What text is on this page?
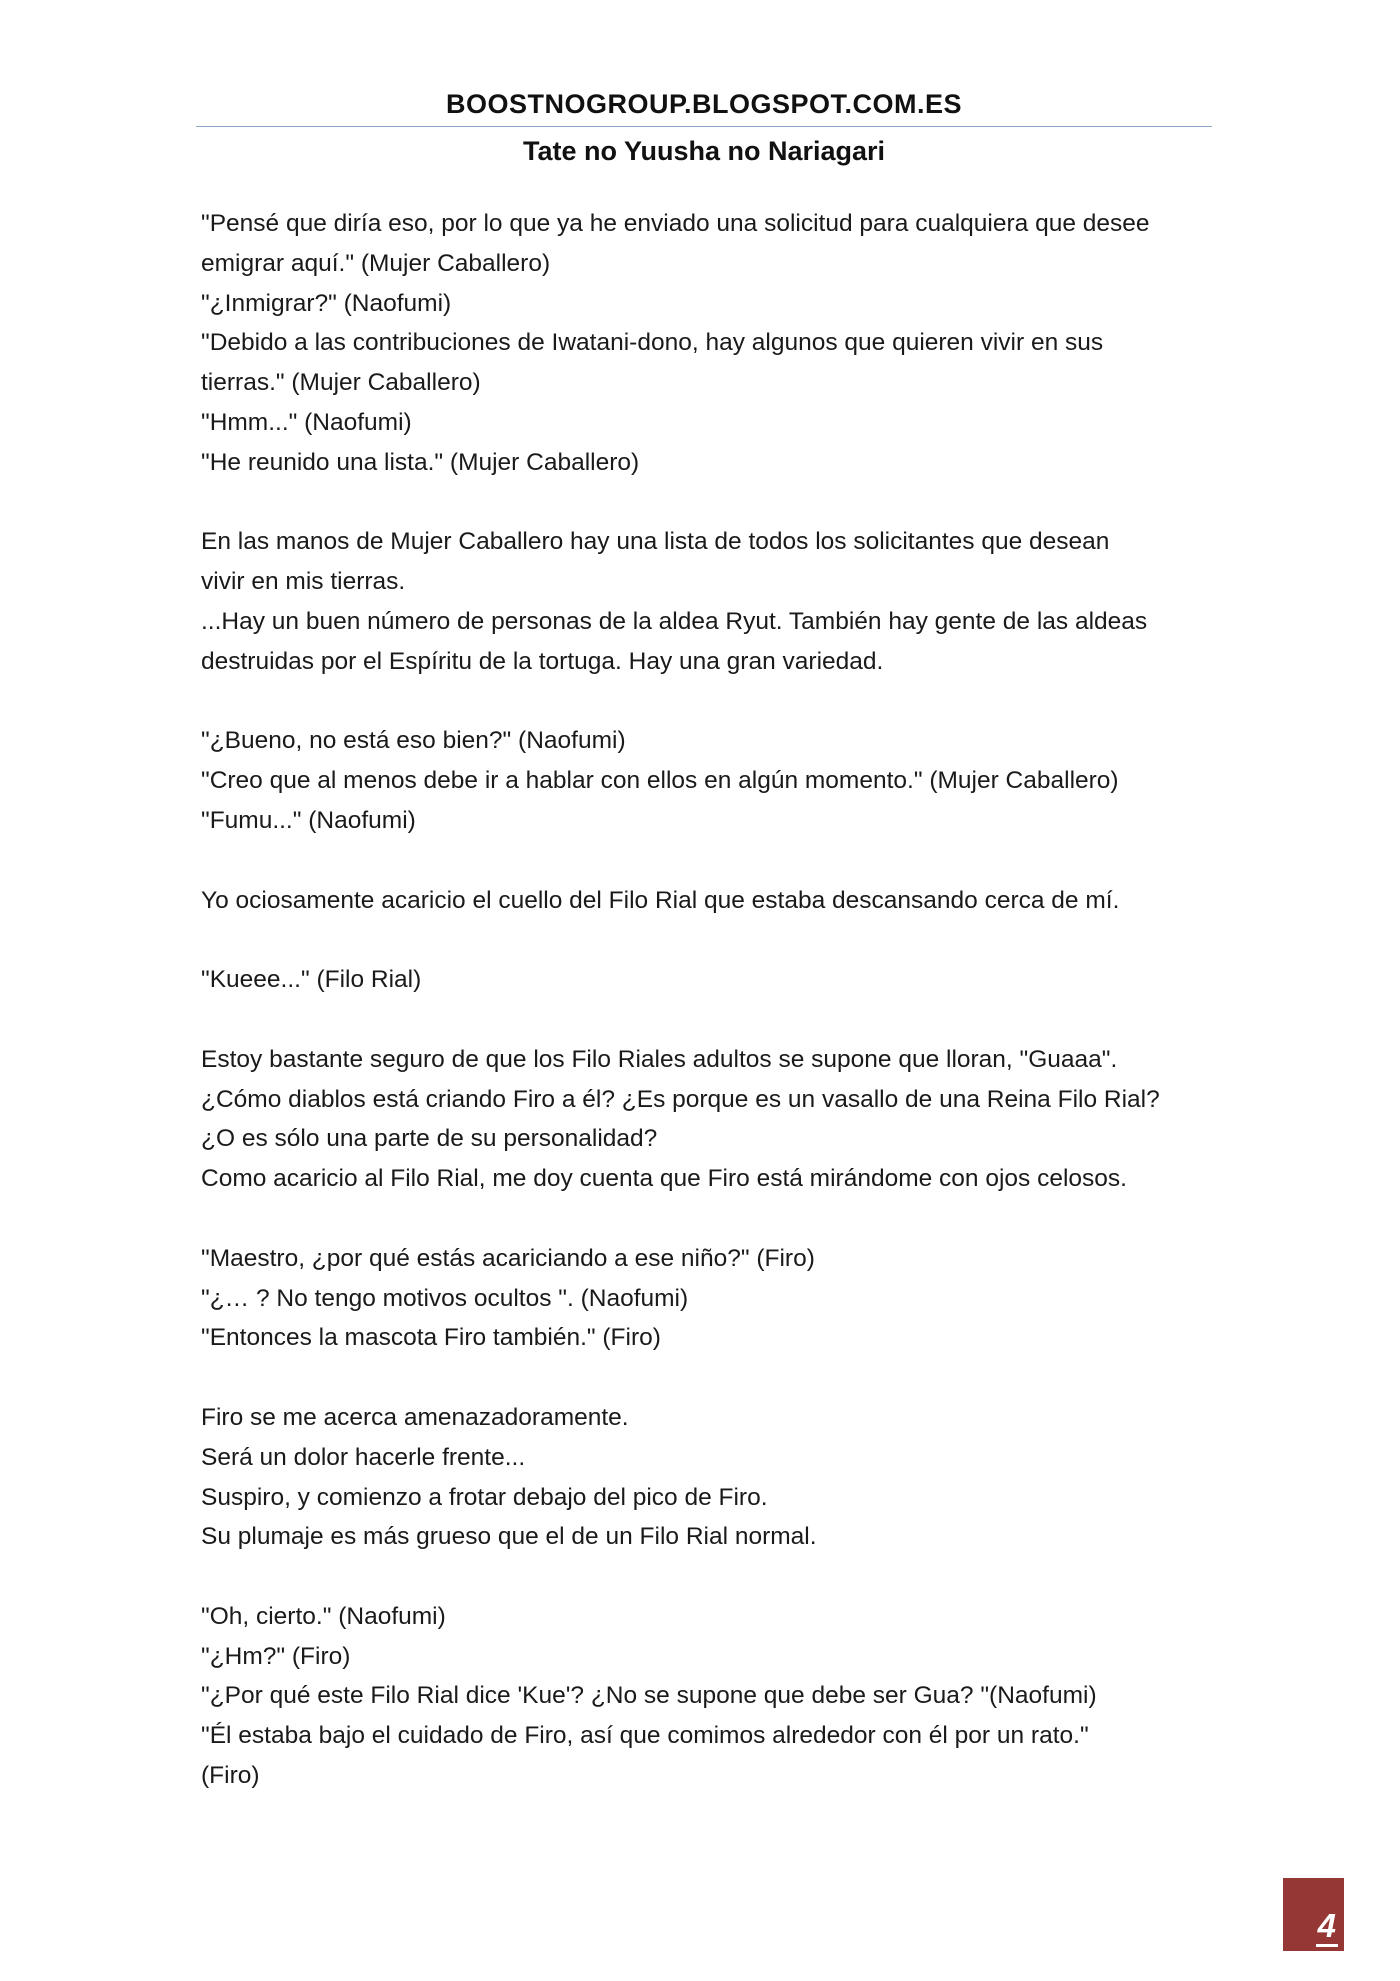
BOOSTNOGROUP.BLOGSPOT.COM.ES
Tate no Yuusha no Nariagari
"Pensé que diría eso, por lo que ya he enviado una solicitud para cualquiera que desee
emigrar aquí." (Mujer Caballero)
"¿Inmigrar?" (Naofumi)
"Debido a las contribuciones de Iwatani-dono, hay algunos que quieren vivir en sus
tierras." (Mujer Caballero)
"Hmm..." (Naofumi)
"He reunido una lista." (Mujer Caballero)
En las manos de Mujer Caballero hay una lista de todos los solicitantes que desean
vivir en mis tierras.
...Hay un buen número de personas de la aldea Ryut. También hay gente de las aldeas
destruidas por el Espíritu de la tortuga. Hay una gran variedad.
"¿Bueno, no está eso bien?" (Naofumi)
"Creo que al menos debe ir a hablar con ellos en algún momento." (Mujer Caballero)
"Fumu..." (Naofumi)
Yo ociosamente acaricio el cuello del Filo Rial que estaba descansando cerca de mí.
"Kueee..." (Filo Rial)
Estoy bastante seguro de que los Filo Riales adultos se supone que lloran, "Guaaa".
¿Cómo diablos está criando Firo a él? ¿Es porque es un vasallo de una Reina Filo Rial?
¿O es sólo una parte de su personalidad?
Como acaricio al Filo Rial, me doy cuenta que Firo está mirándome con ojos celosos.
"Maestro, ¿por qué estás acariciando a ese niño?" (Firo)
"¿… ? No tengo motivos ocultos ". (Naofumi)
"Entonces la mascota Firo también." (Firo)
Firo se me acerca amenazadoramente.
Será un dolor hacerle frente...
Suspiro, y comienzo a frotar debajo del pico de Firo.
Su plumaje es más grueso que el de un Filo Rial normal.
"Oh, cierto." (Naofumi)
"¿Hm?" (Firo)
"¿Por qué este Filo Rial dice 'Kue'? ¿No se supone que debe ser Gua? "(Naofumi)
"Él estaba bajo el cuidado de Firo, así que comimos alrededor con él por un rato."
(Firo)
4
